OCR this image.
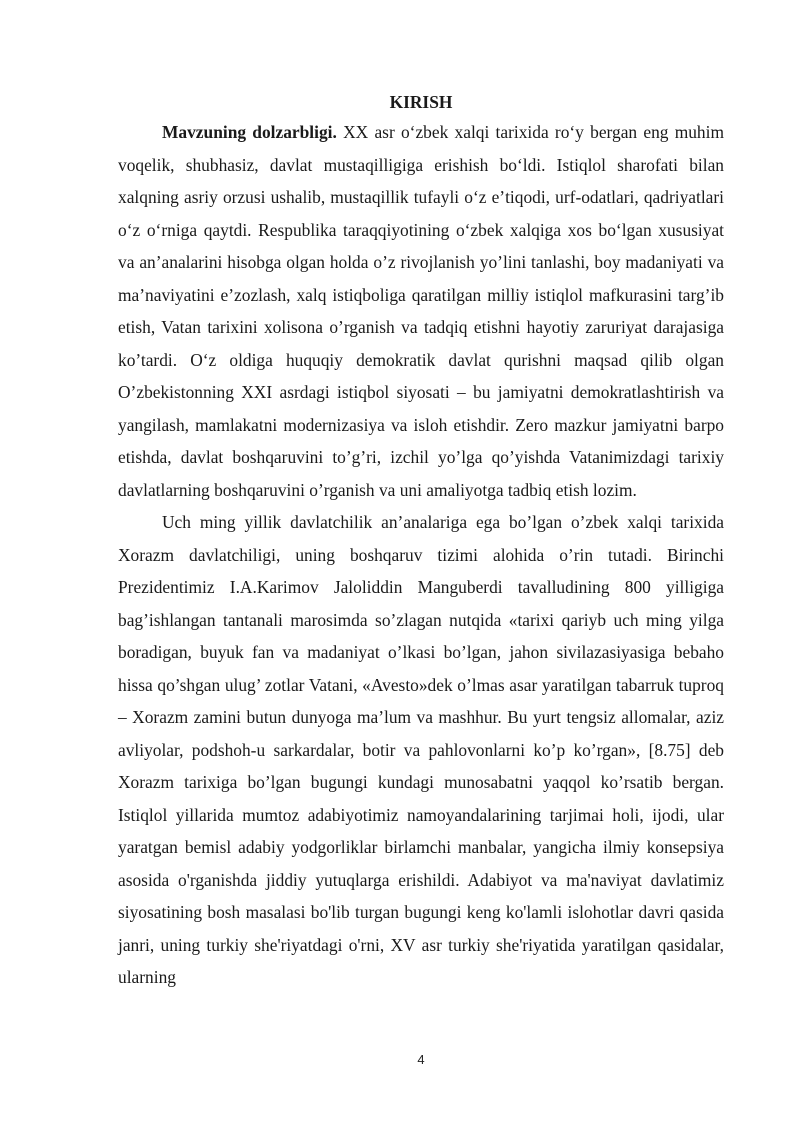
KIRISH

Mavzuning dolzarbligi. XX asr oʻzbek xalqi tarixida roʻy bergan eng muhim voqelik, shubhasiz, davlat mustaqilligiga erishish boʻldi. Istiqlol sharofati bilan xalqning asriy orzusi ushalib, mustaqillik tufayli oʻz eʼtiqodi, urf-odatlari, qadriyatlari oʻz oʻrniga qaytdi. Respublika taraqqiyotining oʻzbek xalqiga xos boʻlgan xususiyat va an’analarini hisobga olgan holda o’z rivojlanish yo’lini tanlashi, boy madaniyati va ma’naviyatini e’zozlash, xalq istiqboliga qaratilgan milliy istiqlol mafkurasini targ’ib etish, Vatan tarixini xolisona o’rganish va tadqiq etishni hayotiy zaruriyat darajasiga ko’tardi. Oʻz oldiga huquqiy demokratik davlat qurishni maqsad qilib olgan O’zbekistonning XXI asrdagi istiqbol siyosati – bu jamiyatni demokratlashtirish va yangilash, mamlakatni modernizasiya va isloh etishdir. Zero mazkur jamiyatni barpo etishda, davlat boshqaruvini to’g’ri, izchil yo’lga qo’yishda Vatanimizdagi tarixiy davlatlarning boshqaruvini o’rganish va uni amaliyotga tadbiq etish lozim.

Uch ming yillik davlatchilik an’analariga ega bo’lgan o’zbek xalqi tarixida Xorazm davlatchiligi, uning boshqaruv tizimi alohida o’rin tutadi. Birinchi Prezidentimiz I.A.Karimov Jaloliddin Manguberdi tavalludining 800 yilligiga bag’ishlangan tantanali marosimda so’zlagan nutqida «tarixi qariyb uch ming yilga boradigan, buyuk fan va madaniyat o’lkasi bo’lgan, jahon sivilazasiyasiga bebaho hissa qo’shgan ulug’ zotlar Vatani, «Avesto»dek o’lmas asar yaratilgan tabarruk tuproq – Xorazm zamini butun dunyoga ma’lum va mashhur. Bu yurt tengsiz allomalar, aziz avliyolar, podshoh-u sarkardalar, botir va pahlovonlarni ko’p ko’rgan», [8.75] deb Xorazm tarixiga bo’lgan bugungi kundagi munosabatni yaqqol ko’rsatib bergan. Istiqlol yillarida mumtoz adabiyotimiz namoyandalarining tarjimai holi, ijodi, ular yaratgan bemisl adabiy yodgorliklar birlamchi manbalar, yangicha ilmiy konsepsiya asosida o'rganishda jiddiy yutuqlarga erishildi. Adabiyot va ma'naviyat davlatimiz siyosatining bosh masalasi bo'lib turgan bugungi keng ko'lamli islohotlar davri qasida janri, uning turkiy she'riyatdagi o'rni, XV asr turkiy she'riyatida yaratilgan qasidalar, ularning

4
